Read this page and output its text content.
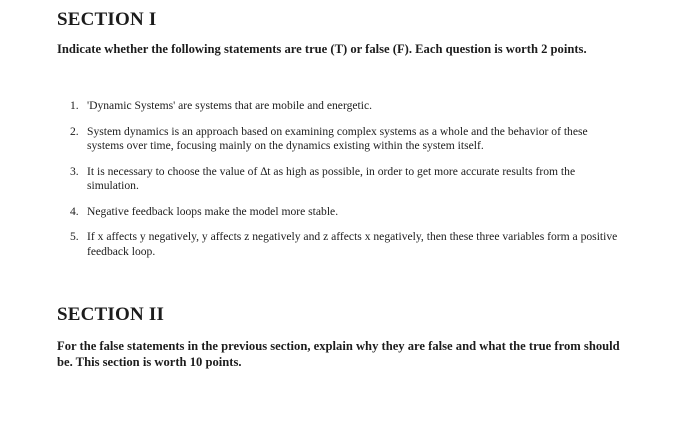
SECTION I

Indicate whether the following statements are true (T) or false (F). Each question is worth 2 points.

1. 'Dynamic Systems' are systems that are mobile and energetic.
2. System dynamics is an approach based on examining complex systems as a whole and the behavior of these systems over time, focusing mainly on the dynamics existing within the system itself.
3. It is necessary to choose the value of ∆t as high as possible, in order to get more accurate results from the simulation.
4. Negative feedback loops make the model more stable.
5. If x affects y negatively, y affects z negatively and z affects x negatively, then these three variables form a positive feedback loop.
SECTION II

For the false statements in the previous section, explain why they are false and what the true from should be. This section is worth 10 points.
